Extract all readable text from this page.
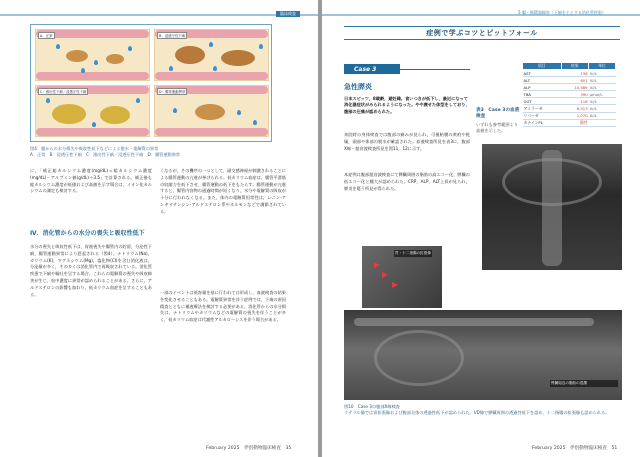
臨床検査
A：正常	B：浸透圧性下痢
C：滲出性下痢／浸透圧性下痢	D：腸管運動異常
図4　腸からの水分損失や吸収性低下などによる脱水・電解質の異常
A：正常　B：浸透圧性下痢　C：滲出性下痢／浸透圧性下痢　D：腸管運動異常
に，「補正総カルシウム濃度(mg/dL)＝総カルシウム濃度(mg/dL)－アルブミン値(g/dL)＋3.5」で計算される。補正後も総カルシウム濃度が低値および高値を示す場合は，イオン化カルシウムの測定も検討する。
Ⅳ．消化管からの水分の喪失と吸収性低下
水分の喪失と吸収性低下は，胃液喪失や腸管内の貯留，分泌性下痢，腸管運動異常により惹起される（図4）。ナトリウム(Na)，カリウム(K)，マグネシウム(Mg)，塩化物(Cl)を含む消化液は，分泌量が多く，その多くは消化管内で再吸収されている。消化管疾患で下痢や嘔吐を呈する場合，これらの電解質の喪失や吸収障害が生じ，血中濃度に異常が認められることがある。さらに，アルドステロンの影響も加わり，低カリウム血症を呈することもある。
くなるが，その機序の一つとして，副交感神経が刺激されることによる腸管運動の亢進が挙げられる。低カリウム血症は，腸管平滑筋の収縮力を低下させ，腸管運動の低下をもたらす。腸管運動が亢進すると，腸管内容物の通過時間が短くなり，水分や電解質の吸収が十分に行われなくなる。また，体内の電解質恒常性は，レニン-アンギオテンシン-アルドステロン系やホルモンなどで調節されている。
一部のイベントは低容量を基に行われては形成し，血液検査の結果を変化させることもある。電解質異常を伴う症例では，下痢の原因精査とともに補液療法を検討する必要がある。消化管からの水分損失は，ナトリウムやカリウムなどの電解質の喪失を伴うことが多く，低カリウム血症は代謝性アルカローシスを伴う場合がある。
February 2025　伴侶動物臨床検査　35
5 腸・循環器障害（下痢を主とする消化管疾患）
症例で学ぶコツとピットフォール
Case 3
急性膵炎
日本スピッツ，8歳齢，避妊雌。食いつきが低下し，最近になって消化器症状がみられるようになった。やや痩せた体型をしており，腹部の圧痛が認められた。
来院時の身体検査では腹部の痛みが見られ，可視粘膜の黄疸や乾燥，頭部や体部の脱水が確認された。血液検査所見を表3に，腹部X線・超音波検査所見を図11，12に示す。
本症例は腹部超音波検査にて膵臓周囲の脂肪の高エコー化，膵臓の低エコー化と腫大が認められた。CRP，ALP，ALT上昇が見られ，膵炎を疑う所見が得られた。
表3　Case 3の血液検査
いずれも参考範囲より高値を示した。
項目	結果	単位
AST	138	IU/L
ALT	601	IU/L
ALP	10,589	IU/L
TBA	390	μmol/L
GGT	118	IU/L
アミラーゼ	6,513	IU/L
リパーゼ	1,070	IU/L
カナインPL	陽性	
胃・十二指腸の拡張像
腎臓周辺の脂肪の混濁
図10　Case 3の腹部X線検査
ラテラル像では胃拡張像および腹部全体の透過性低下が認められた。VD像で膵臓周囲の透過性低下を認め，十二指腸の拡張像も認められる。
February 2025　伴侶動物臨床検査　51
